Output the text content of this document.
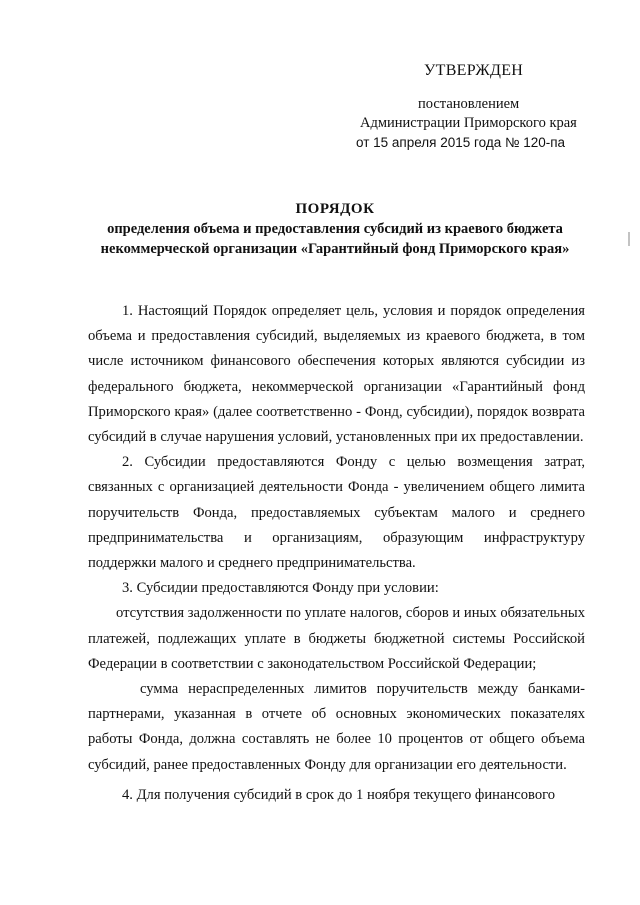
УТВЕРЖДЕН
постановлением
Администрации Приморского края
от 15 апреля 2015 года № 120-па
ПОРЯДОК
определения объема и предоставления субсидий из краевого бюджета
некоммерческой организации «Гарантийный фонд Приморского края»

1. Настоящий Порядок определяет цель, условия и порядок определения объема и предоставления субсидий, выделяемых из краевого бюджета, в том числе источником финансового обеспечения которых являются субсидии из федерального бюджета, некоммерческой организации «Гарантийный фонд Приморского края» (далее соответственно - Фонд, субсидии), порядок возврата субсидий в случае нарушения условий, установленных при их предоставлении.

2. Субсидии предоставляются Фонду с целью возмещения затрат, связанных с организацией деятельности Фонда - увеличением общего лимита поручительств Фонда, предоставляемых субъектам малого и среднего предпринимательства и организациям, образующим инфраструктуру поддержки малого и среднего предпринимательства.

3. Субсидии предоставляются Фонду при условии:

отсутствия задолженности по уплате налогов, сборов и иных обязательных платежей, подлежащих уплате в бюджеты бюджетной системы Российской Федерации в соответствии с законодательством Российской Федерации;

сумма нераспределенных лимитов поручительств между банками-партнерами, указанная в отчете об основных экономических показателях работы Фонда, должна составлять не более 10 процентов от общего объема субсидий, ранее предоставленных Фонду для организации его деятельности.

4. Для получения субсидий в срок до 1 ноября текущего финансового
